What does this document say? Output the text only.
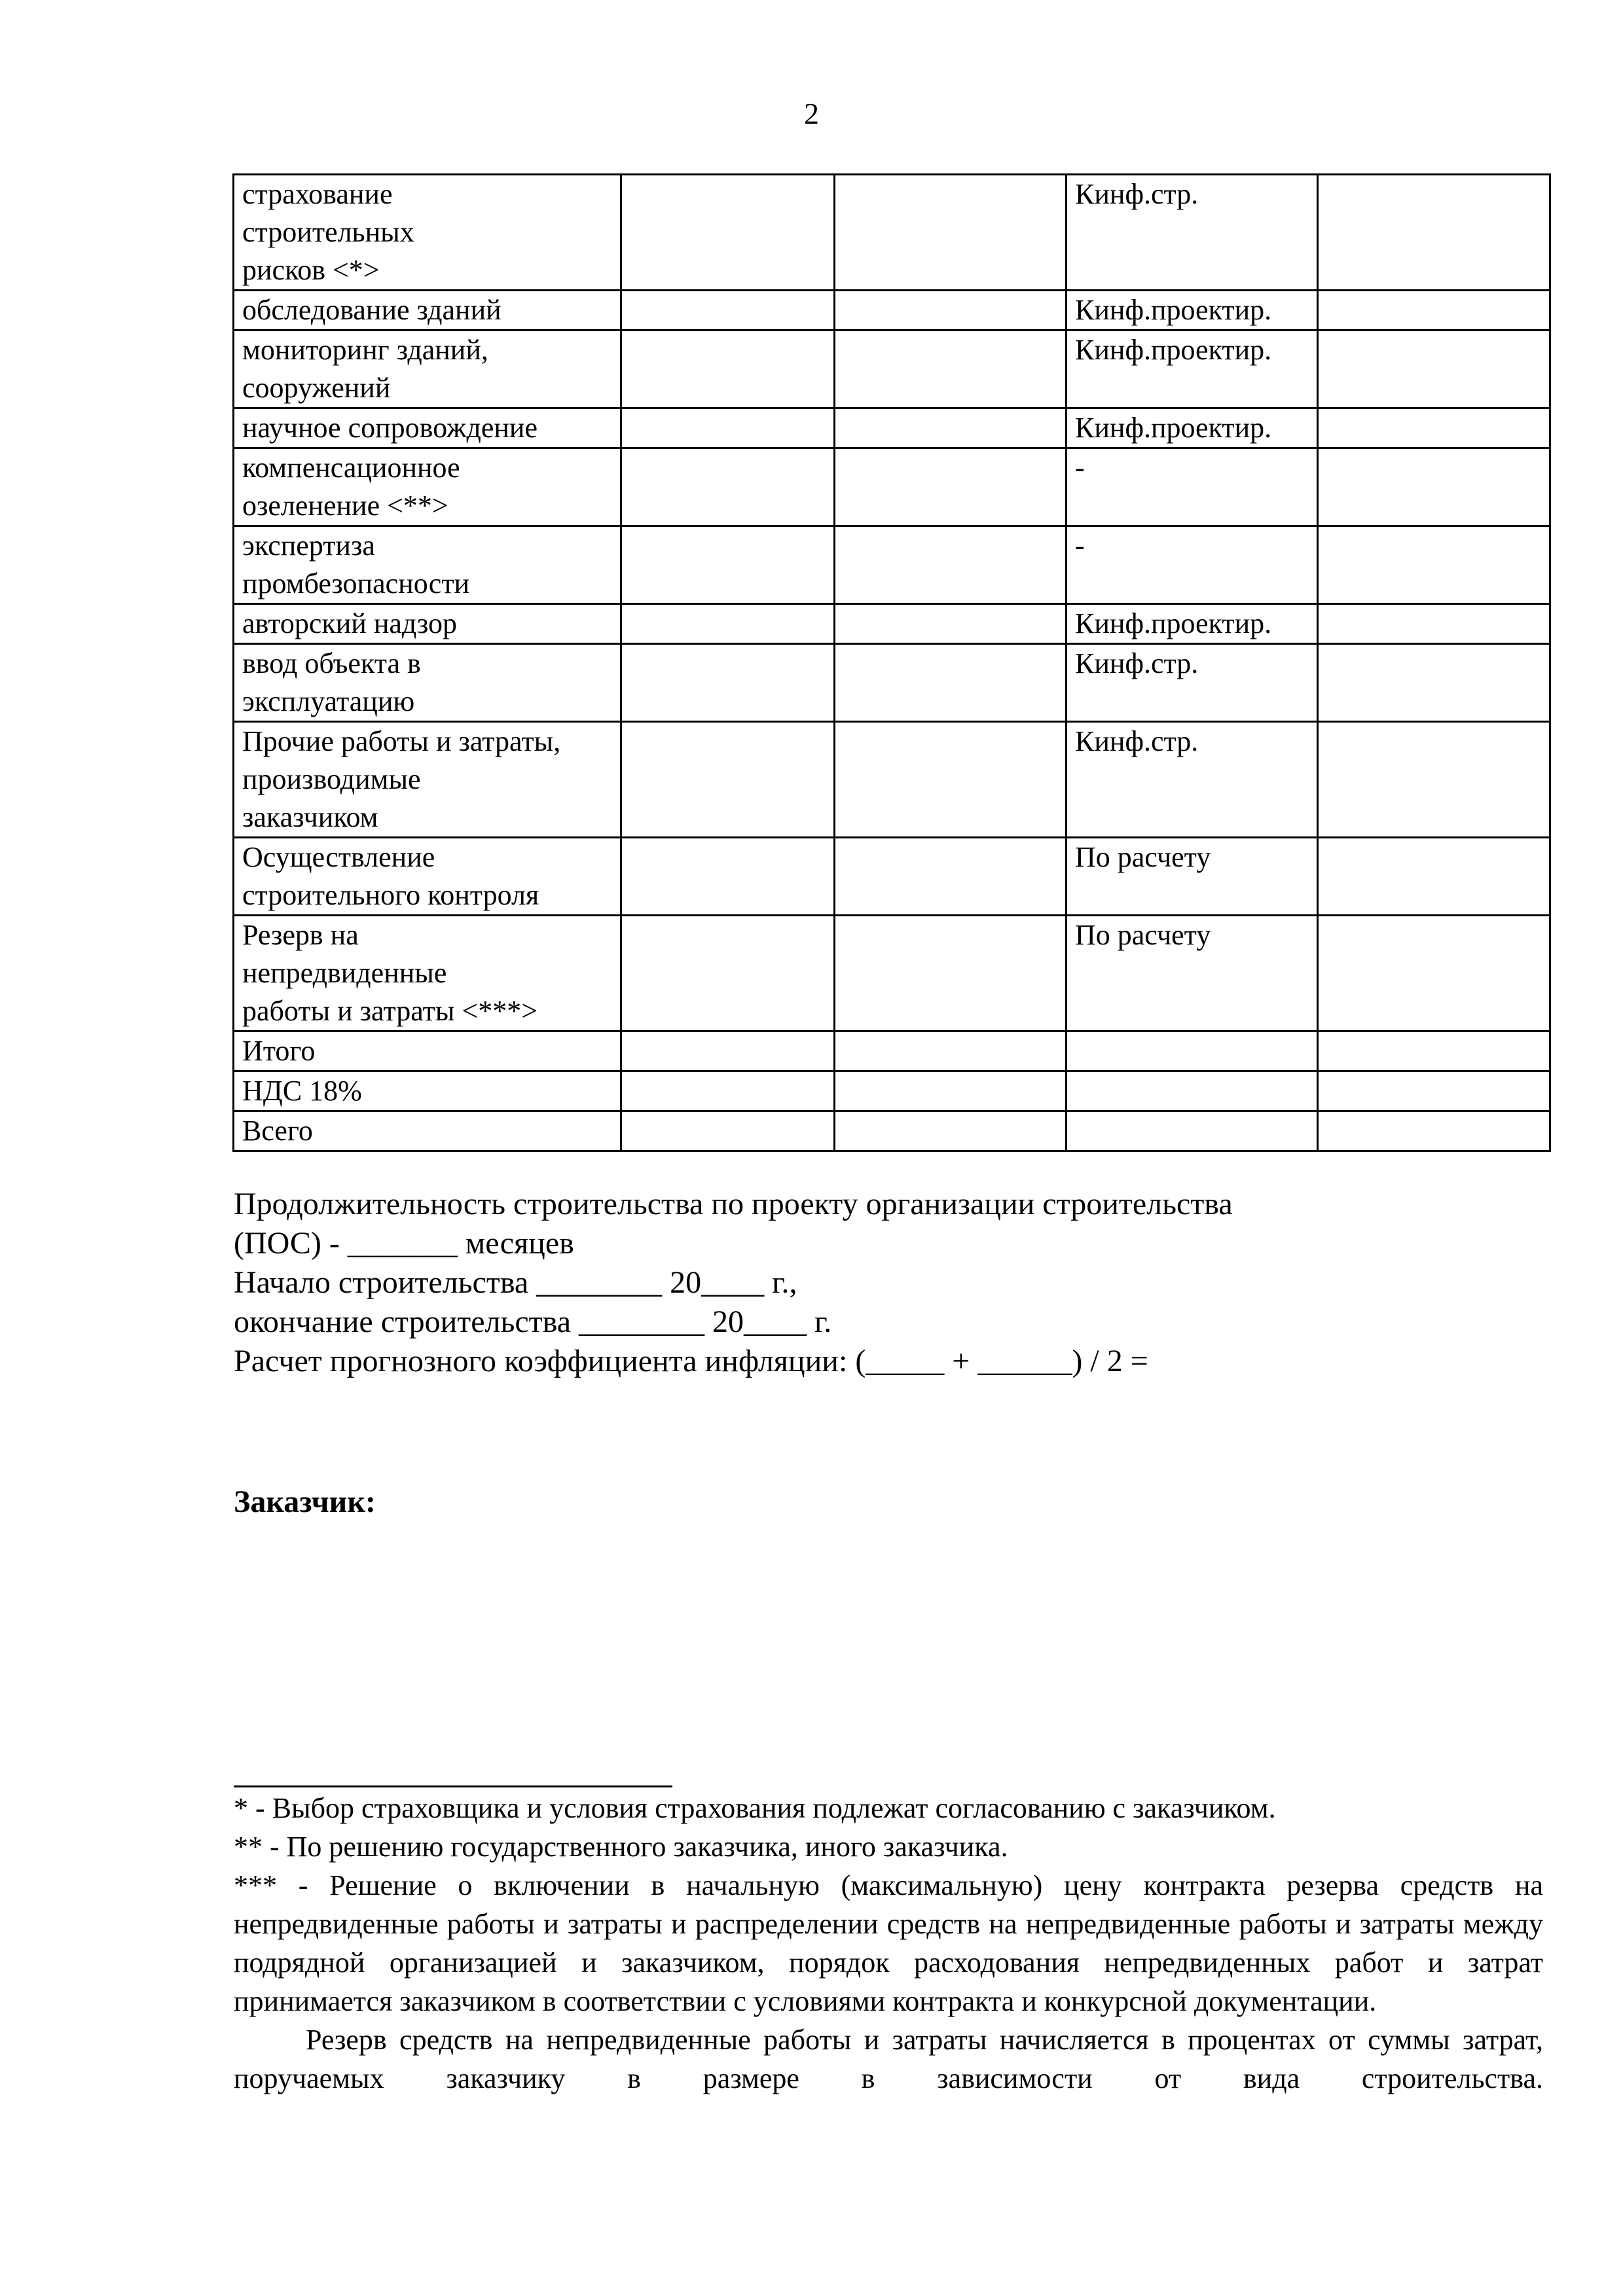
2
страхование
строительных
рисков <*>			Кинф.стр.	
обследование зданий			Кинф.проектир.	
мониторинг зданий,
сооружений			Кинф.проектир.	
научное сопровождение			Кинф.проектир.	
компенсационное
озеленение <**>			-	
экспертиза
промбезопасности			-	
авторский надзор			Кинф.проектир.	
ввод объекта в
эксплуатацию			Кинф.стр.	
Прочие работы и затраты,
производимые
заказчиком			Кинф.стр.	
Осуществление
строительного контроля			По расчету	
Резерв на
непредвиденные
работы и затраты <***>			По расчету	
Итого				
НДС 18%				
Всего				
Продолжительность строительства по проекту организации строительства
(ПОС) - _______ месяцев
Начало строительства ________ 20____ г.,
окончание строительства ________ 20____ г.
Расчет прогнозного коэффициента инфляции: (_____ + ______) / 2 =
Заказчик:

* - Выбор страховщика и условия страхования подлежат согласованию с заказчиком.

** - По решению государственного заказчика, иного заказчика.

*** - Решение о включении в начальную (максимальную) цену контракта резерва средств на непредвиденные работы и затраты и распределении средств на непредвиденные работы и затраты между подрядной организацией и заказчиком, порядок расходования непредвиденных работ и затрат принимается заказчиком в соответствии с условиями контракта и конкурсной документации.

Резерв средств на непредвиденные работы и затраты начисляется в процентах от суммы затрат, поручаемых заказчику в размере в зависимости от вида строительства.
